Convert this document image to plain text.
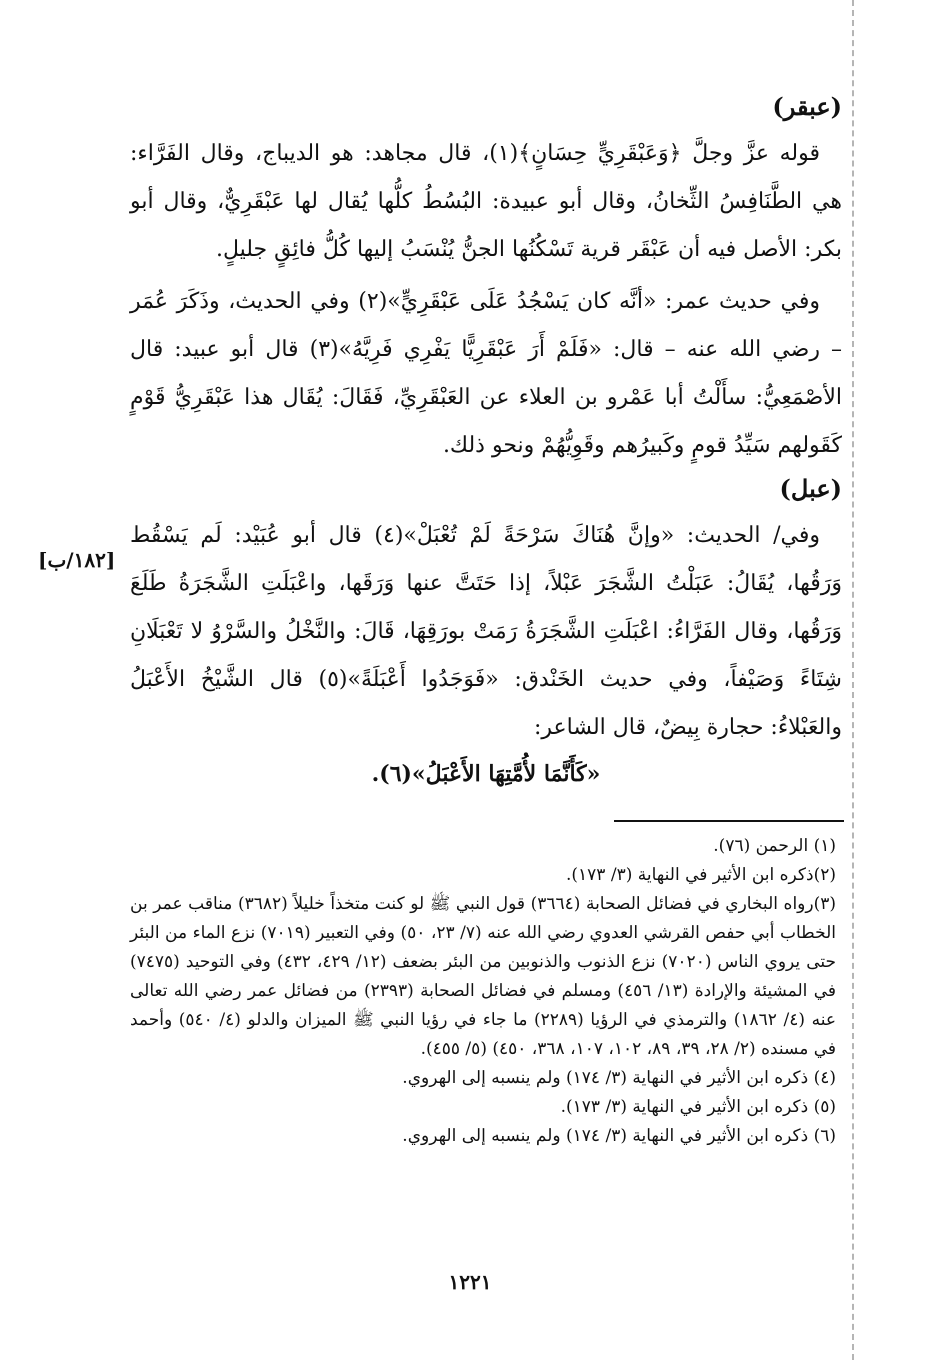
(عبقر)

قوله عزَّ وجلَّ ﴿وَعَبْقَرِيٍّ حِسَانٍ﴾(١)، قال مجاهد: هو الديباج، وقال الفَرَّاء: هي الطَّنَافِسُ الثِّخانُ، وقال أبو عبيدة: البُسُطُ كلُّها يُقال لها عَبْقَرِيٌّ، وقال أبو بكر: الأصل فيه أن عَبْقَر قرية تَسْكُنُها الجنُّ يُنْسَبُ إليها كُلُّ فائِقٍ جليلٍ.

وفي حديث عمر: «أنَّه كان يَسْجُدُ عَلَى عَبْقَرِيٍّ»(٢) وفي الحديث، وذَكَرَ عُمَر – رضي الله عنه – قال: «فَلَمْ أَرَ عَبْقَرِيًّا يَفْرِي فَرِيَّهُ»(٣) قال أبو عبيد: قال الأصْمَعِيُّ: سأَلْتُ أبا عَمْرو بن العلاء عن العَبْقَرِيِّ، فَقَالَ: يُقَال هذا عَبْقَرِيُّ قَوْمٍ كَقَولهم سَيِّدُ قومٍ وكَبيرُهم وقَوِيُّهُمْ ونحو ذلك.

(عبل)

وفي/ الحديث: «وإنَّ هُنَاكَ سَرْحَةً لَمْ تُعْبَلْ»(٤) قال أبو عُبَيْد: لَم يَسْقُط وَرَقُها، يُقَالُ: عَبَلْتُ الشَّجَرَ عَبْلاً، إذا حَتَتَّ عنها وَرَقَها، واعْبَلَتِ الشَّجَرَةُ طَلَعَ وَرَقُها، وقال الفَرَّاءُ: اعْبَلَتِ الشَّجَرَةُ رَمَتْ بورَقِهَا، قَالَ: والنَّخْلُ والسَّرْوُ لا تَعْبَلَانِ شِتَاءً وَصَيْفاً، وفي حديث الخَنْدق: «فَوَجَدُوا أَعْبَلَةً»(٥) قال الشَّيْخُ الأَعْبَلُ والعَبْلاءُ: حجارة بِيضٌ، قال الشاعر:

«كَأَنَّمَا لأُمَّتِهَا الأَعْبَلُ»(٦).
[١٨٢/ب]

(١) الرحمن (٧٦).

(٢)ذكره ابن الأثير في النهاية (٣/ ١٧٣).

(٣)رواه البخاري في فضائل الصحابة (٣٦٦٤) قول النبي ﷺ لو كنت متخذاً خليلاً (٣٦٨٢) مناقب عمر بن الخطاب أبي حفص القرشي العدوي رضي الله عنه (٧/ ٢٣، ٥٠) وفي التعبير (٧٠١٩) نزع الماء من البئر حتى يروي الناس (٧٠٢٠) نزع الذنوب والذنوبين من البئر بضعف (١٢/ ٤٢٩، ٤٣٢) وفي التوحيد (٧٤٧٥) في المشيئة والإرادة (١٣/ ٤٥٦) ومسلم في فضائل الصحابة (٢٣٩٣) من فضائل عمر رضي الله تعالى عنه (٤/ ١٨٦٢) والترمذي في الرؤيا (٢٢٨٩) ما جاء في رؤيا النبي ﷺ الميزان والدلو (٤/ ٥٤٠) وأحمد في مسنده (٢/ ٢٨، ٣٩، ٨٩، ١٠٢، ١٠٧، ٣٦٨، ٤٥٠) (٥/ ٤٥٥).

(٤) ذكره ابن الأثير في النهاية (٣/ ١٧٤) ولم ينسبه إلى الهروي.

(٥) ذكره ابن الأثير في النهاية (٣/ ١٧٣).

(٦) ذكره ابن الأثير في النهاية (٣/ ١٧٤) ولم ينسبه إلى الهروي.

١٢٢١
